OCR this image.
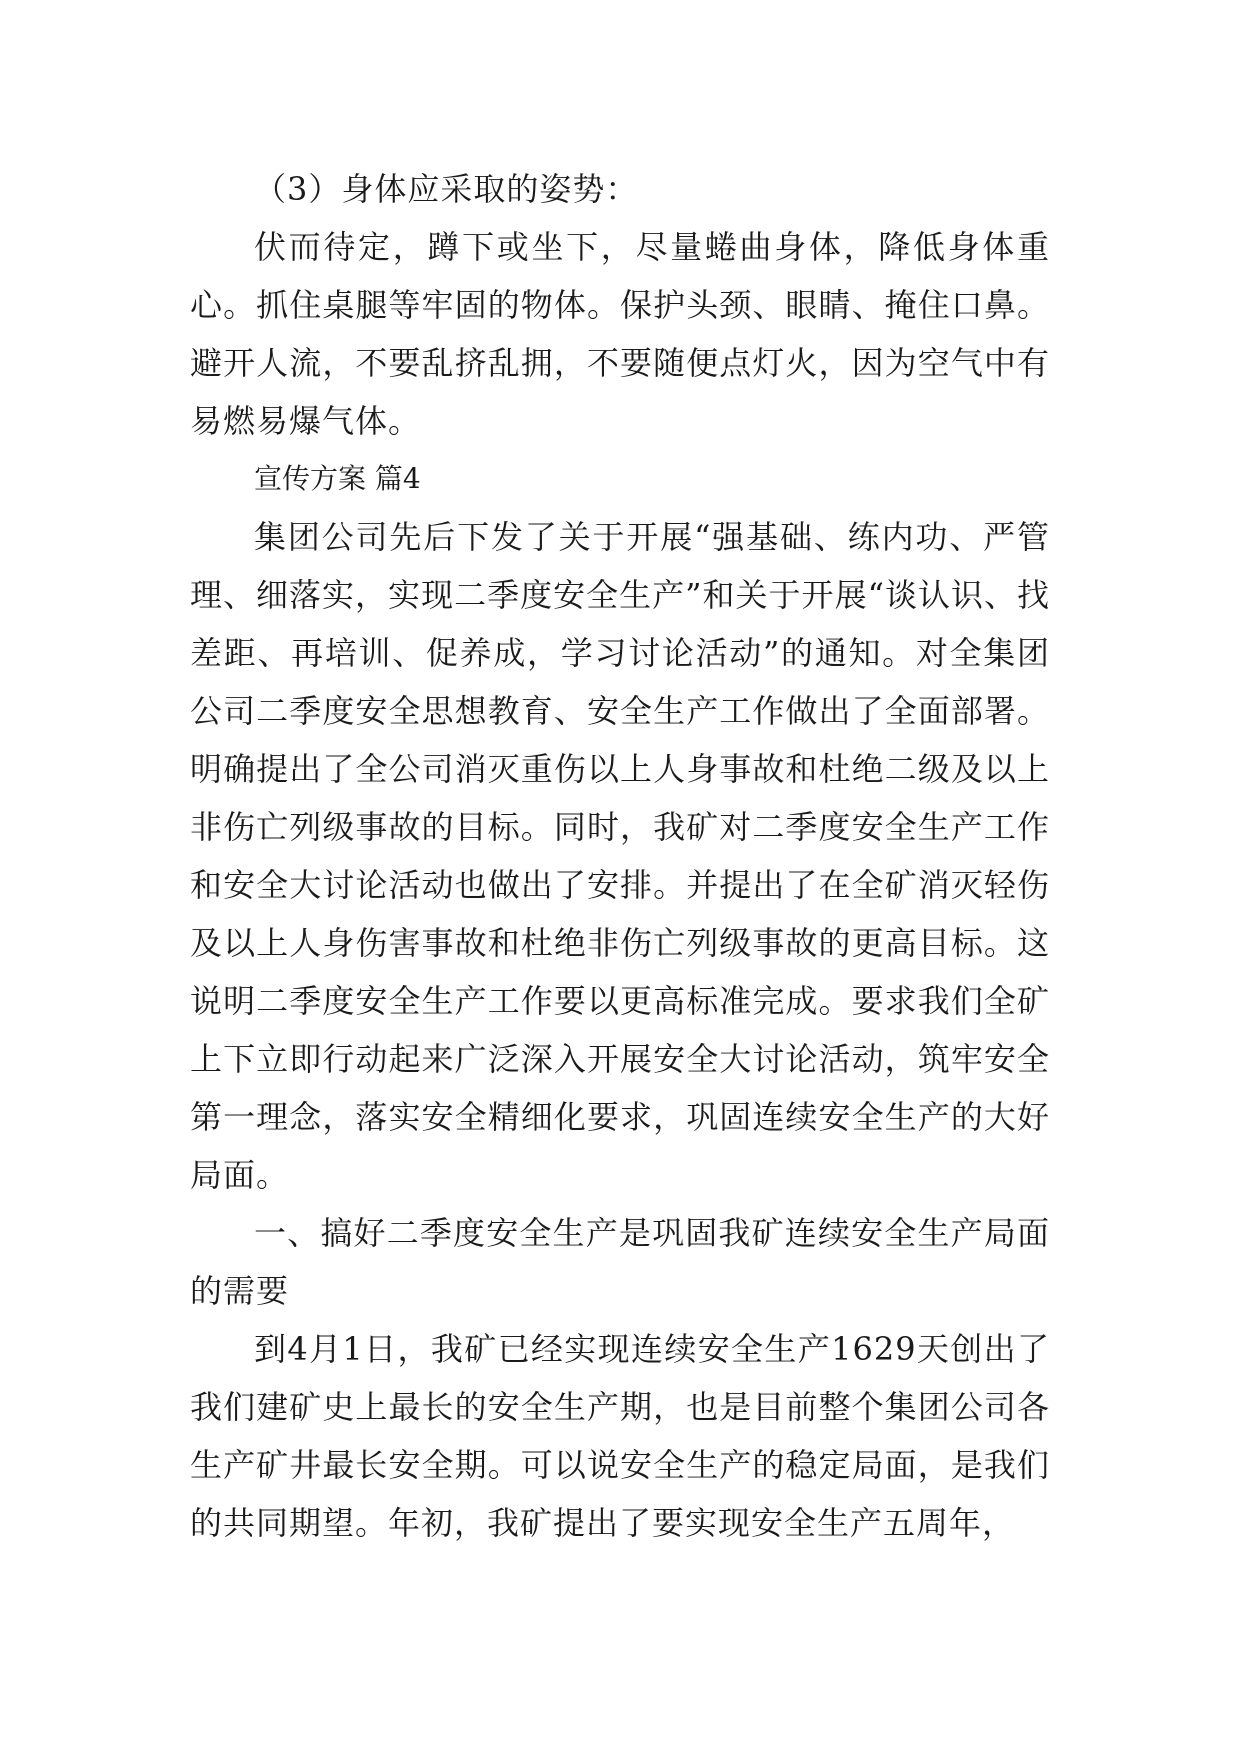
（3）身体应采取的姿势：

伏而待定，蹲下或坐下，尽量蜷曲身体，降低身体重心。抓住桌腿等牢固的物体。保护头颈、眼睛、掩住口鼻。避开人流，不要乱挤乱拥，不要随便点灯火，因为空气中有易燃易爆气体。

宣传方案 篇4

集团公司先后下发了关于开展“强基础、练内功、严管理、细落实，实现二季度安全生产”和关于开展“谈认识、找差距、再培训、促养成，学习讨论活动”的通知。对全集团公司二季度安全思想教育、安全生产工作做出了全面部署。明确提出了全公司消灭重伤以上人身事故和杜绝二级及以上非伤亡列级事故的目标。同时，我矿对二季度安全生产工作和安全大讨论活动也做出了安排。并提出了在全矿消灭轻伤及以上人身伤害事故和杜绝非伤亡列级事故的更高目标。这说明二季度安全生产工作要以更高标准完成。要求我们全矿上下立即行动起来广泛深入开展安全大讨论活动，筑牢安全第一理念，落实安全精细化要求，巩固连续安全生产的大好局面。

一、搞好二季度安全生产是巩固我矿连续安全生产局面的需要

到4月1日，我矿已经实现连续安全生产1629天创出了我们建矿史上最长的安全生产期，也是目前整个集团公司各生产矿井最长安全期。可以说安全生产的稳定局面，是我们的共同期望。年初，我矿提出了要实现安全生产五周年，
